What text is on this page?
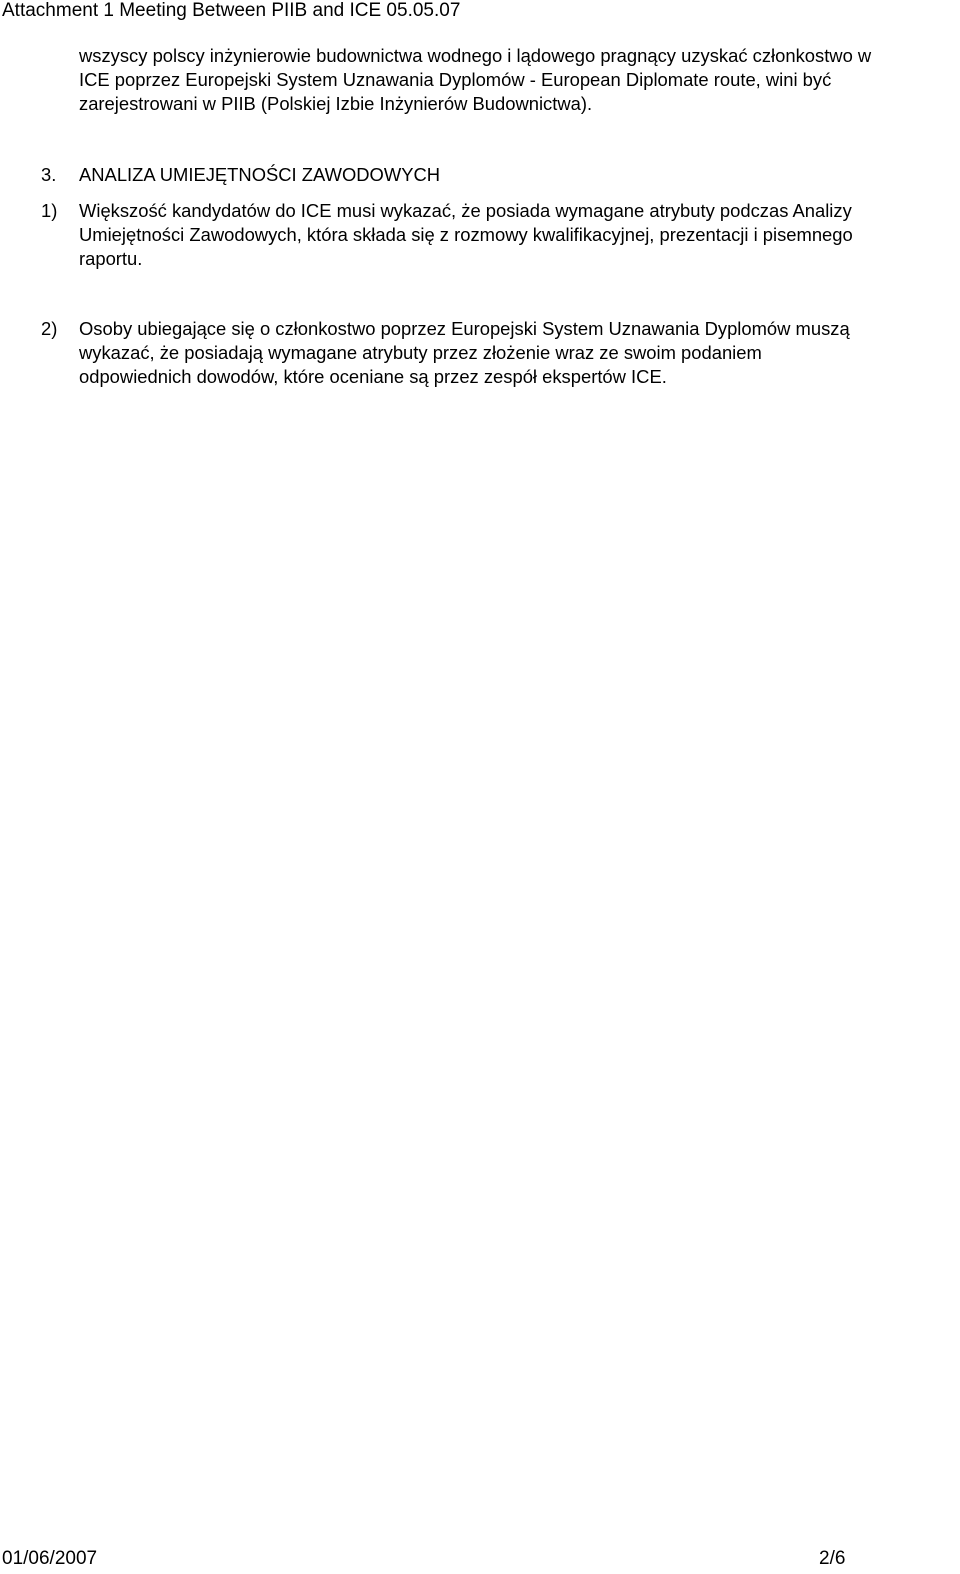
Attachment 1 Meeting Between PIIB and ICE 05.05.07
wszyscy polscy inżynierowie budownictwa wodnego i lądowego pragnący uzyskać członkostwo w
ICE poprzez Europejski System Uznawania Dyplomów - European Diplomate route, wini być
zarejestrowani w PIIB (Polskiej Izbie Inżynierów Budownictwa).
3. ANALIZA UMIEJĘTNOŚCI ZAWODOWYCH
1) Większość kandydatów do ICE musi wykazać, że posiada wymagane atrybuty podczas Analizy
Umiejętności Zawodowych, która składa się z rozmowy kwalifikacyjnej, prezentacji i pisemnego
raportu.
2) Osoby ubiegające się o członkostwo poprzez Europejski System Uznawania Dyplomów muszą
wykazać, że posiadają wymagane atrybuty przez złożenie wraz ze swoim podaniem
odpowiednich dowodów, które oceniane są przez zespół ekspertów ICE.
01/06/2007	2/6
